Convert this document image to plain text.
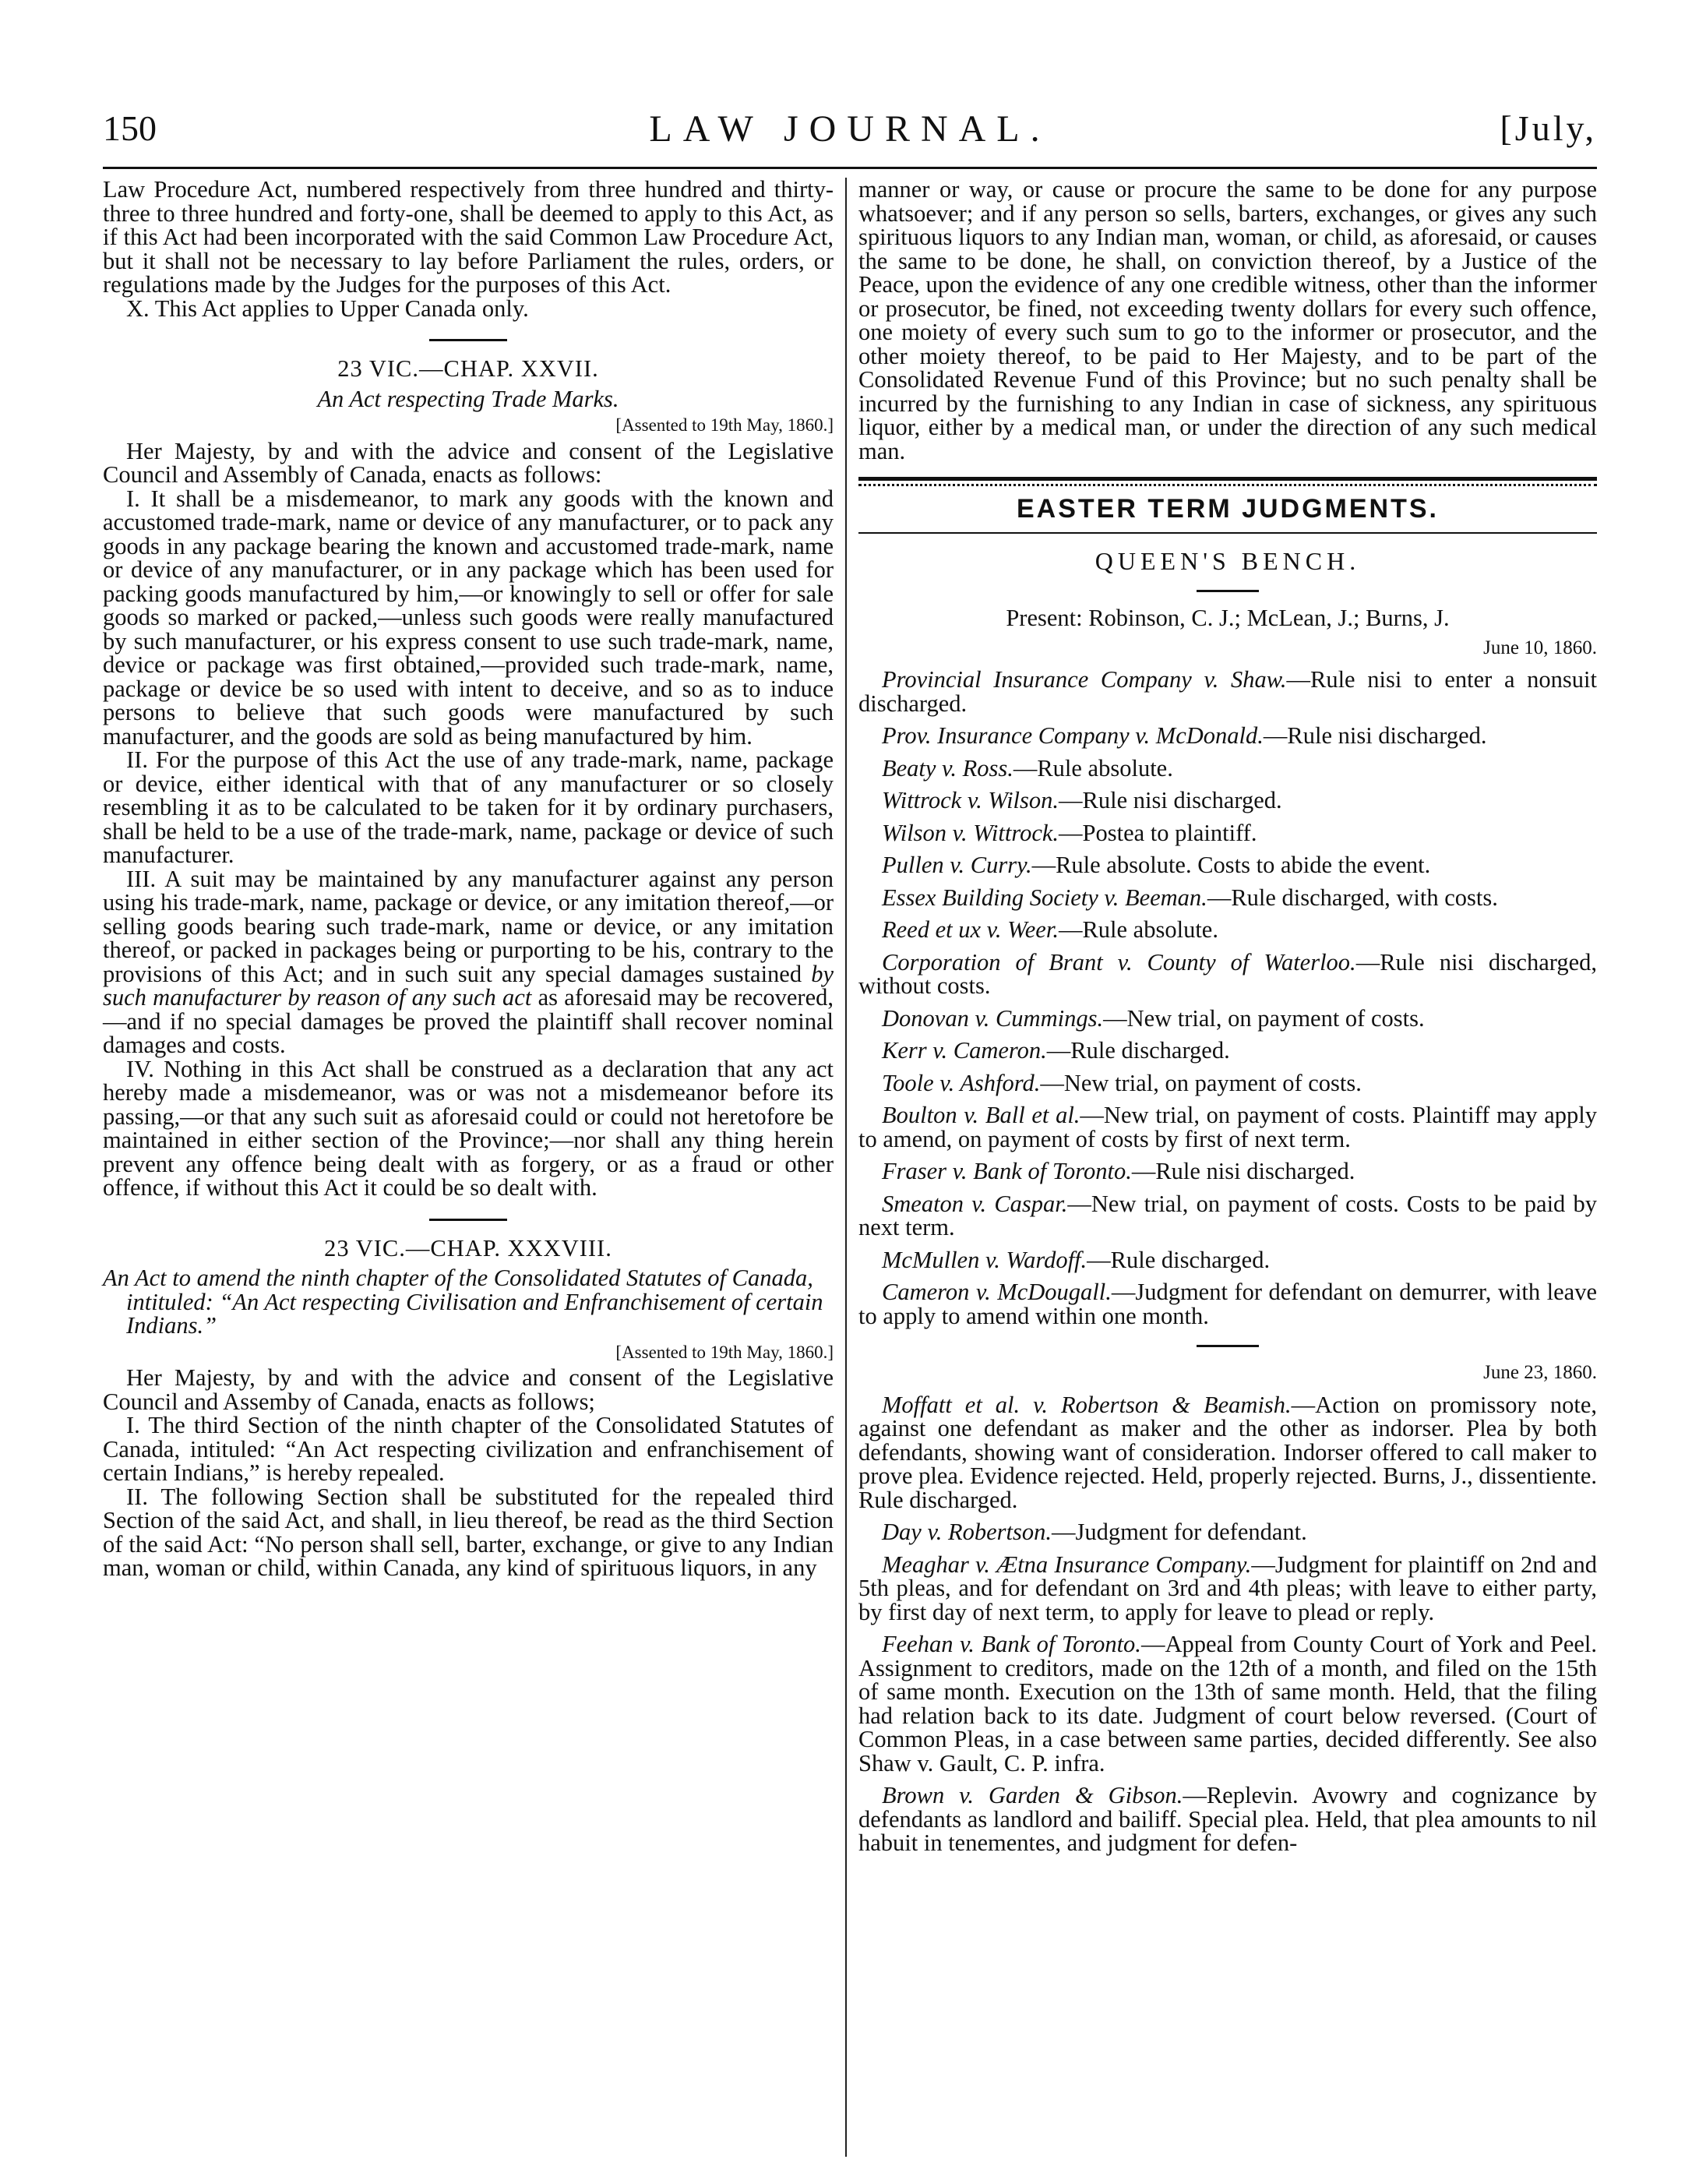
150	LAW JOURNAL.	[July,

Law Procedure Act, numbered respectively from three hundred and thirty-three to three hundred and forty-one, shall be deemed to apply to this Act, as if this Act had been incorporated with the said Common Law Procedure Act, but it shall not be necessary to lay before Parliament the rules, orders, or regulations made by the Judges for the purposes of this Act.

X. This Act applies to Upper Canada only.

23 VIC.—CHAP. XXVII.
An Act respecting Trade Marks.
[Assented to 19th May, 1860.]

Her Majesty, by and with the advice and consent of the Legislative Council and Assembly of Canada, enacts as follows:

I. It shall be a misdemeanor, to mark any goods with the known and accustomed trade-mark, name or device of any manufacturer, or to pack any goods in any package bearing the known and accustomed trade-mark, name or device of any manufacturer, or in any package which has been used for packing goods manufactured by him,—or knowingly to sell or offer for sale goods so marked or packed,—unless such goods were really manufactured by such manufacturer, or his express consent to use such trade-mark, name, device or package was first obtained,—provided such trade-mark, name, package or device be so used with intent to deceive, and so as to induce persons to believe that such goods were manufactured by such manufacturer, and the goods are sold as being manufactured by him.

II. For the purpose of this Act the use of any trade-mark, name, package or device, either identical with that of any manufacturer or so closely resembling it as to be calculated to be taken for it by ordinary purchasers, shall be held to be a use of the trade-mark, name, package or device of such manufacturer.

III. A suit may be maintained by any manufacturer against any person using his trade-mark, name, package or device, or any imitation thereof,—or selling goods bearing such trade-mark, name or device, or any imitation thereof, or packed in packages being or purporting to be his, contrary to the provisions of this Act; and in such suit any special damages sustained by such manufacturer by reason of any such act as aforesaid may be recovered,—and if no special damages be proved the plaintiff shall recover nominal damages and costs.

IV. Nothing in this Act shall be construed as a declaration that any act hereby made a misdemeanor, was or was not a misdemeanor before its passing,—or that any such suit as aforesaid could or could not heretofore be maintained in either section of the Province;—nor shall any thing herein prevent any offence being dealt with as forgery, or as a fraud or other offence, if without this Act it could be so dealt with.

23 VIC.—CHAP. XXXVIII.
An Act to amend the ninth chapter of the Consolidated Statutes of Canada, intituled: “An Act respecting Civilisation and Enfranchisement of certain Indians.”
[Assented to 19th May, 1860.]

Her Majesty, by and with the advice and consent of the Legislative Council and Assemby of Canada, enacts as follows;

I. The third Section of the ninth chapter of the Consolidated Statutes of Canada, intituled: “An Act respecting civilization and enfranchisement of certain Indians,” is hereby repealed.

II. The following Section shall be substituted for the repealed third Section of the said Act, and shall, in lieu thereof, be read as the third Section of the said Act: “No person shall sell, barter, exchange, or give to any Indian man, woman or child, within Canada, any kind of spirituous liquors, in any

manner or way, or cause or procure the same to be done for any purpose whatsoever; and if any person so sells, barters, exchanges, or gives any such spirituous liquors to any Indian man, woman, or child, as aforesaid, or causes the same to be done, he shall, on conviction thereof, by a Justice of the Peace, upon the evidence of any one credible witness, other than the informer or prosecutor, be fined, not exceeding twenty dollars for every such offence, one moiety of every such sum to go to the informer or prosecutor, and the other moiety thereof, to be paid to Her Majesty, and to be part of the Consolidated Revenue Fund of this Province; but no such penalty shall be incurred by the furnishing to any Indian in case of sickness, any spirituous liquor, either by a medical man, or under the direction of any such medical man.

EASTER TERM JUDGMENTS.
QUEEN'S BENCH.
Present: Robinson, C. J.; McLean, J.; Burns, J.
June 10, 1860.

Provincial Insurance Company v. Shaw.—Rule nisi to enter a nonsuit discharged.

Prov. Insurance Company v. McDonald.—Rule nisi discharged.

Beaty v. Ross.—Rule absolute.

Wittrock v. Wilson.—Rule nisi discharged.

Wilson v. Wittrock.—Postea to plaintiff.

Pullen v. Curry.—Rule absolute. Costs to abide the event.

Essex Building Society v. Beeman.—Rule discharged, with costs.

Reed et ux v. Weer.—Rule absolute.

Corporation of Brant v. County of Waterloo.—Rule nisi discharged, without costs.

Donovan v. Cummings.—New trial, on payment of costs.

Kerr v. Cameron.—Rule discharged.

Toole v. Ashford.—New trial, on payment of costs.

Boulton v. Ball et al.—New trial, on payment of costs. Plaintiff may apply to amend, on payment of costs by first of next term.

Fraser v. Bank of Toronto.—Rule nisi discharged.

Smeaton v. Caspar.—New trial, on payment of costs. Costs to be paid by next term.

McMullen v. Wardoff.—Rule discharged.

Cameron v. McDougall.—Judgment for defendant on demurrer, with leave to apply to amend within one month.

June 23, 1860.

Moffatt et al. v. Robertson & Beamish.—Action on promissory note, against one defendant as maker and the other as indorser. Plea by both defendants, showing want of consideration. Indorser offered to call maker to prove plea. Evidence rejected. Held, properly rejected. Burns, J., dissentiente. Rule discharged.

Day v. Robertson.—Judgment for defendant.

Meaghar v. Ætna Insurance Company.—Judgment for plaintiff on 2nd and 5th pleas, and for defendant on 3rd and 4th pleas; with leave to either party, by first day of next term, to apply for leave to plead or reply.

Feehan v. Bank of Toronto.—Appeal from County Court of York and Peel. Assignment to creditors, made on the 12th of a month, and filed on the 15th of same month. Execution on the 13th of same month. Held, that the filing had relation back to its date. Judgment of court below reversed. (Court of Common Pleas, in a case between same parties, decided differently. See also Shaw v. Gault, C. P. infra.

Brown v. Garden & Gibson.—Replevin. Avowry and cognizance by defendants as landlord and bailiff. Special plea. Held, that plea amounts to nil habuit in tenementes, and judgment for defen-
